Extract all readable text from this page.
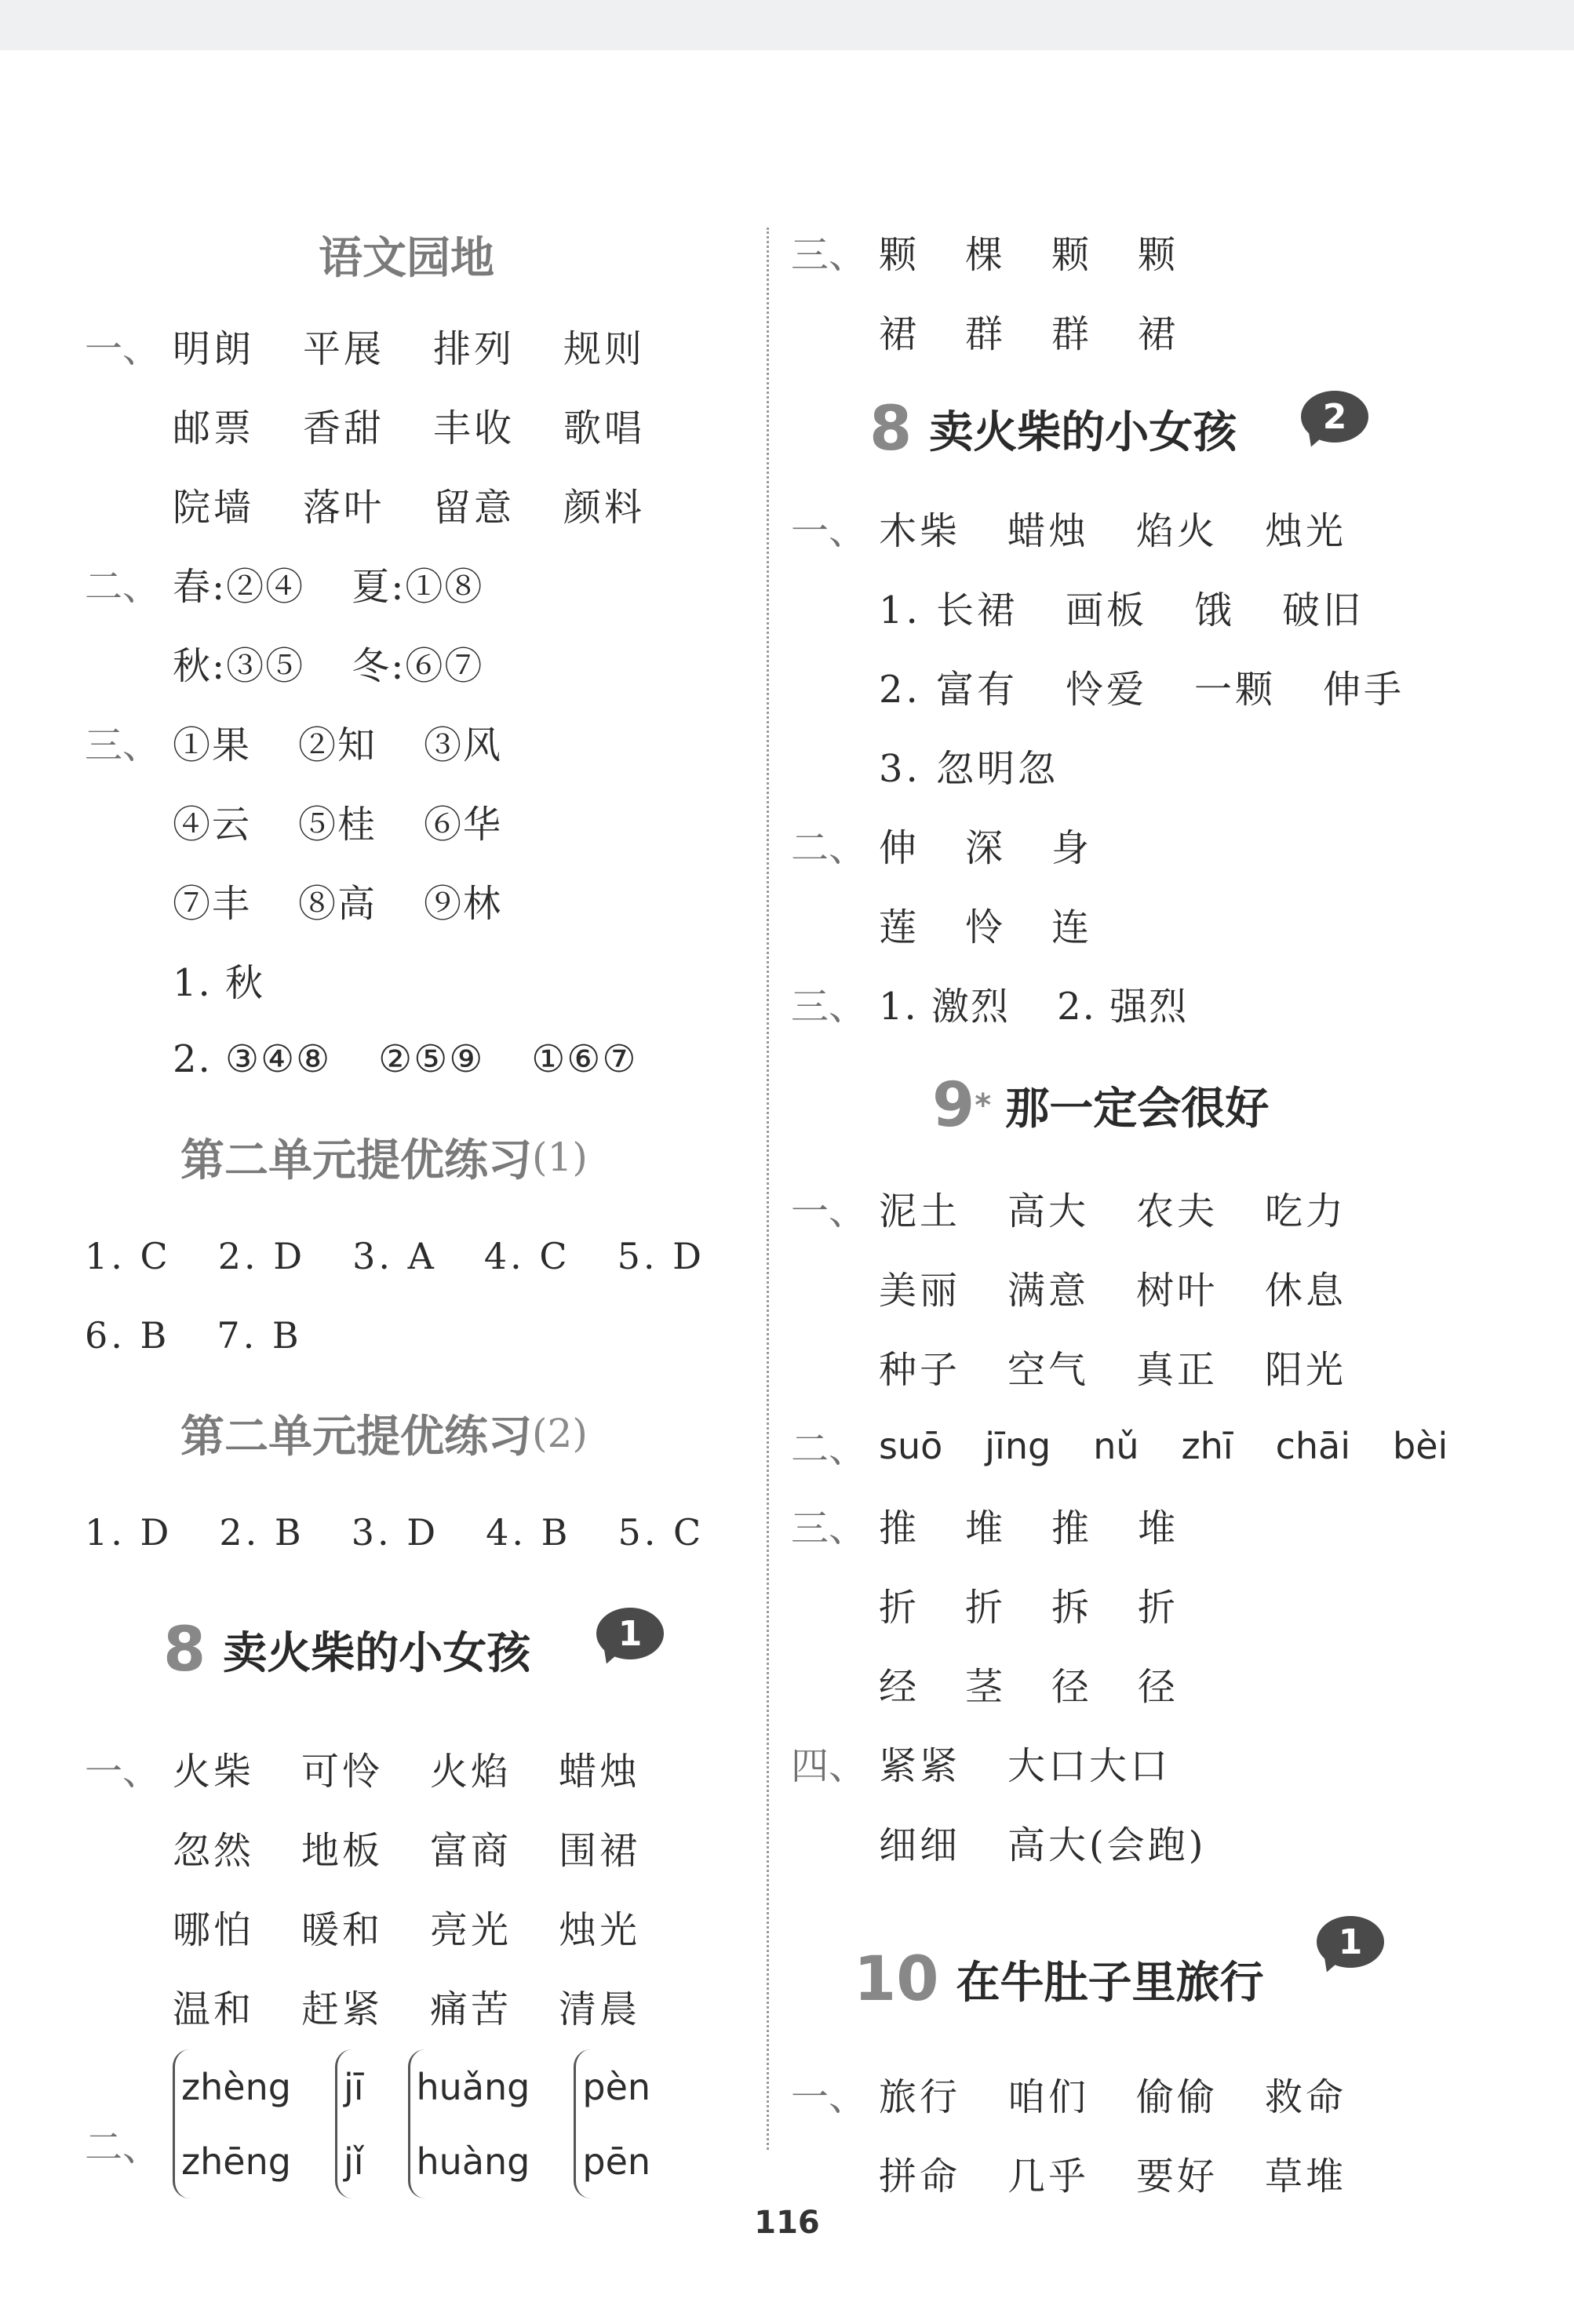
语文园地
一、 明朗 平展 排列 规则
邮票 香甜 丰收 歌唱
院墙 落叶 留意 颜料
二、 春:②④ 夏:①⑧
秋:③⑤ 冬:⑥⑦
三、 ①果 ②知 ③风
④云 ⑤桂 ⑥华
⑦丰 ⑧高 ⑨林
1. 秋
2. ③④⑧ ②⑤⑨ ①⑥⑦
第二单元提优练习 (1)
1. C 2. D 3. A 4. C 5. D
6. B 7. B
第二单元提优练习 (2)
1. D 2. B 3. D 4. B 5. C
8 卖火柴的小女孩	1
一、 火柴 可怜 火焰 蜡烛
忽然 地板 富商 围裙
哪怕 暖和 亮光 烛光
温和 赶紧 痛苦 清晨
二、
zhèng
zhēng
jī
jǐ
huǎng
huàng
pèn
pēn
三、 颗 棵 颗 颗
裙 群 群 裙
8 卖火柴的小女孩	2
一、 木柴 蜡烛 焰火 烛光
1. 长裙 画板 饿 破旧
2. 富有 怜爱 一颗 伸手
3. 忽明忽
二、 伸 深 身
莲 怜 连
三、 1. 激烈 2. 强烈
9 * 那一定会很好
一、 泥土 高大 农夫 吃力
美丽 满意 树叶 休息
种子 空气 真正 阳光
二、 suō jīng nǔ zhī chāi bèi
三、 推 堆 推 堆
折 折 拆 折
经 茎 径 径
四、 紧紧 大口大口
细细 高大(会跑)
10 在牛肚子里旅行
1
一、 旅行 咱们 偷偷 救命
拼命 几乎 要好 草堆
116
